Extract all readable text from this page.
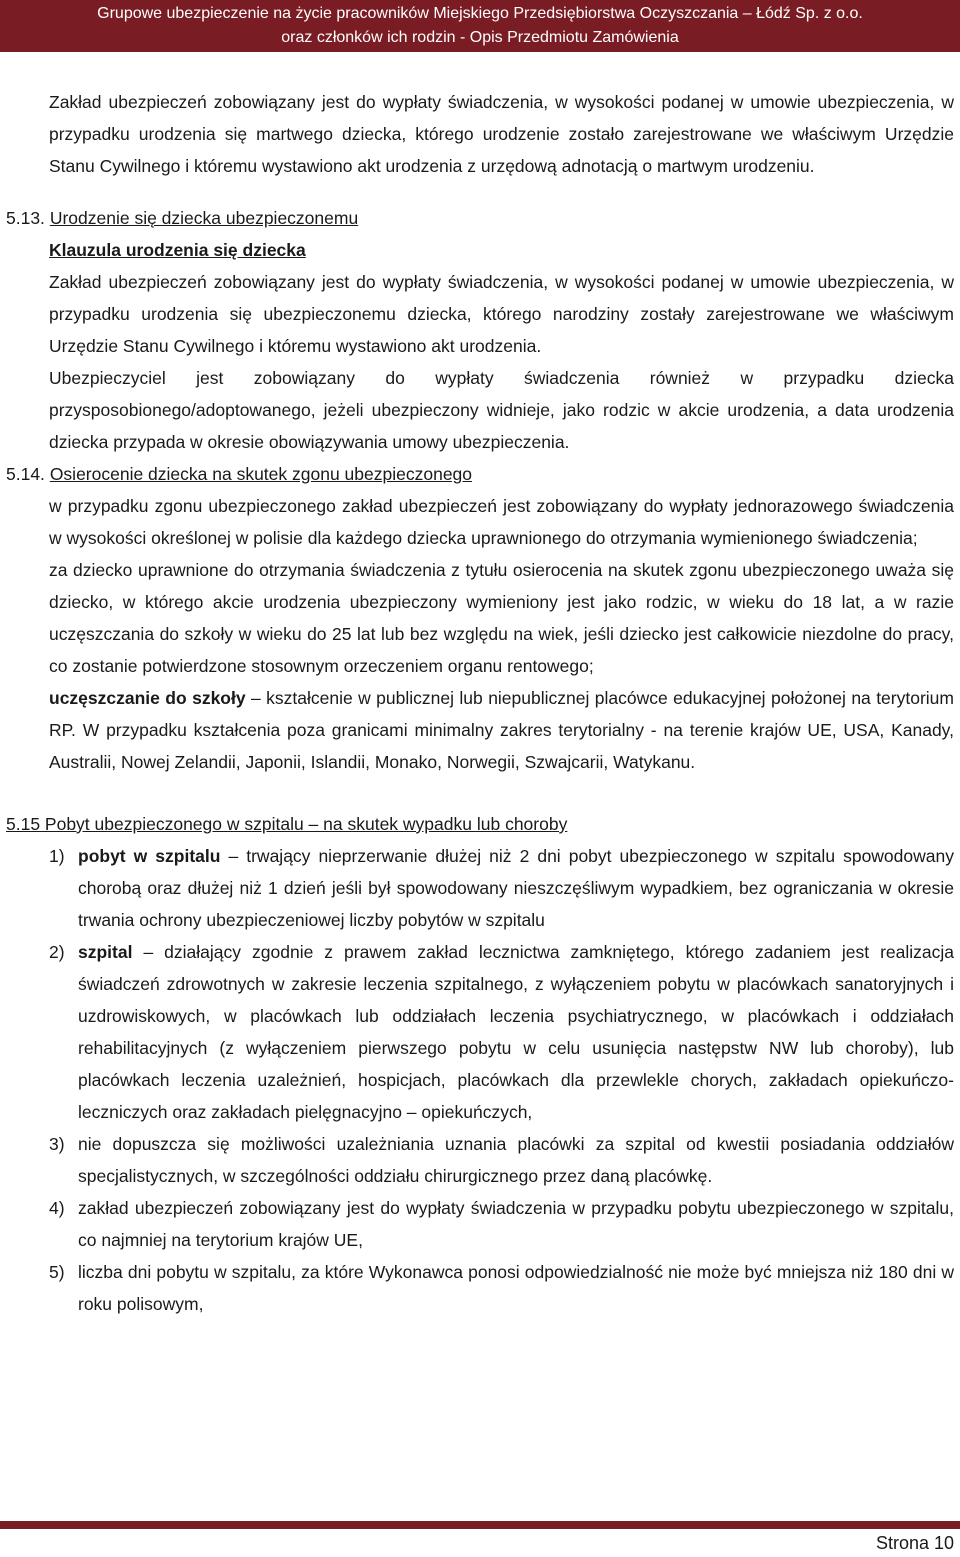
Grupowe ubezpieczenie na życie pracowników Miejskiego Przedsiębiorstwa Oczyszczania – Łódź Sp. z o.o.
oraz członków ich rodzin - Opis Przedmiotu Zamówienia

Zakład ubezpieczeń zobowiązany jest do wypłaty świadczenia, w wysokości podanej w umowie ubezpieczenia, w przypadku urodzenia się martwego dziecka, którego urodzenie zostało zarejestrowane we właściwym Urzędzie Stanu Cywilnego i któremu wystawiono akt urodzenia z urzędową adnotacją o martwym urodzeniu.

5.13. Urodzenie się dziecka ubezpieczonemu

Klauzula urodzenia się dziecka

Zakład ubezpieczeń zobowiązany jest do wypłaty świadczenia, w wysokości podanej w umowie ubezpieczenia, w przypadku urodzenia się ubezpieczonemu dziecka, którego narodziny zostały zarejestrowane we właściwym Urzędzie Stanu Cywilnego i któremu wystawiono akt urodzenia.

Ubezpieczyciel jest zobowiązany do wypłaty świadczenia również w przypadku dziecka przysposobionego/adoptowanego, jeżeli ubezpieczony widnieje, jako rodzic w akcie urodzenia, a data urodzenia dziecka przypada w okresie obowiązywania umowy ubezpieczenia.

5.14. Osierocenie dziecka na skutek zgonu ubezpieczonego

w przypadku zgonu ubezpieczonego zakład ubezpieczeń jest zobowiązany do wypłaty jednorazowego świadczenia w wysokości określonej w polisie dla każdego dziecka uprawnionego do otrzymania wymienionego świadczenia;

za dziecko uprawnione do otrzymania świadczenia z tytułu osierocenia na skutek zgonu ubezpieczonego uważa się dziecko, w którego akcie urodzenia ubezpieczony wymieniony jest jako rodzic, w wieku do 18 lat, a w razie uczęszczania do szkoły w wieku do 25 lat lub bez względu na wiek, jeśli dziecko jest całkowicie niezdolne do pracy, co zostanie potwierdzone stosownym orzeczeniem organu rentowego;

uczęszczanie do szkoły – kształcenie w publicznej lub niepublicznej placówce edukacyjnej położonej na terytorium RP. W przypadku kształcenia poza granicami minimalny zakres terytorialny - na terenie krajów UE, USA, Kanady, Australii, Nowej Zelandii, Japonii, Islandii, Monako, Norwegii, Szwajcarii, Watykanu.

5.15 Pobyt ubezpieczonego w szpitalu – na skutek wypadku lub choroby

1) pobyt w szpitalu – trwający nieprzerwanie dłużej niż 2 dni pobyt ubezpieczonego w szpitalu spowodowany chorobą oraz dłużej niż 1 dzień jeśli był spowodowany nieszczęśliwym wypadkiem, bez ograniczania w okresie trwania ochrony ubezpieczeniowej liczby pobytów w szpitalu
2) szpital – działający zgodnie z prawem zakład lecznictwa zamkniętego, którego zadaniem jest realizacja świadczeń zdrowotnych w zakresie leczenia szpitalnego, z wyłączeniem pobytu w placówkach sanatoryjnych i uzdrowiskowych, w placówkach lub oddziałach leczenia psychiatrycznego, w placówkach i oddziałach rehabilitacyjnych (z wyłączeniem pierwszego pobytu w celu usunięcia następstw NW lub choroby), lub placówkach leczenia uzależnień, hospicjach, placówkach dla przewlekle chorych, zakładach opiekuńczo-leczniczych oraz zakładach pielęgnacyjno – opiekuńczych,
3) nie dopuszcza się możliwości uzależniania uznania placówki za szpital od kwestii posiadania oddziałów specjalistycznych, w szczególności oddziału chirurgicznego przez daną placówkę.
4) zakład ubezpieczeń zobowiązany jest do wypłaty świadczenia w przypadku pobytu ubezpieczonego w szpitalu, co najmniej na terytorium krajów UE,
5) liczba dni pobytu w szpitalu, za które Wykonawca ponosi odpowiedzialność nie może być mniejsza niż 180 dni w roku polisowym,
Strona 10
